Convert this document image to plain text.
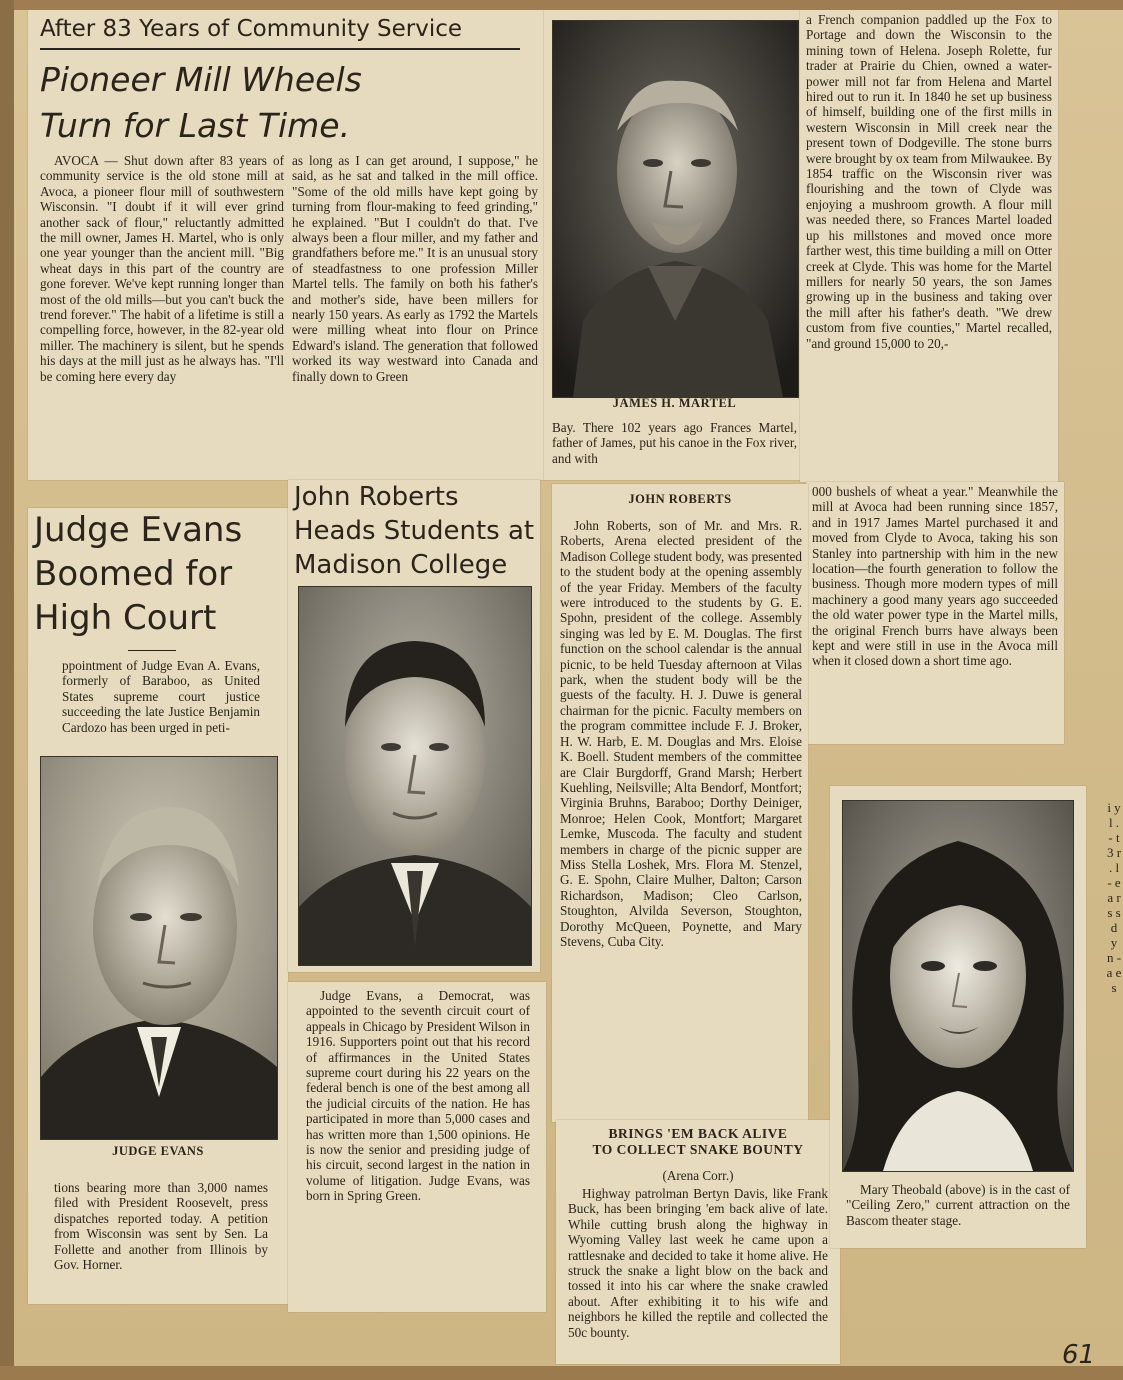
After 83 Years of Community Service
Pioneer Mill Wheels
Turn for Last Time.

AVOCA — Shut down after 83 years of community service is the old stone mill at Avoca, a pioneer flour mill of southwestern Wisconsin. "I doubt if it will ever grind another sack of flour," reluctantly admitted the mill owner, James H. Martel, who is only one year younger than the ancient mill. "Big wheat days in this part of the country are gone forever. We've kept running longer than most of the old mills—but you can't buck the trend forever." The habit of a lifetime is still a compelling force, however, in the 82-year old miller. The machinery is silent, but he spends his days at the mill just as he always has. "I'll be coming here every day

as long as I can get around, I suppose," he said, as he sat and talked in the mill office. "Some of the old mills have kept going by turning from flour-making to feed grinding," he explained. "But I couldn't do that. I've always been a flour miller, and my father and grandfathers before me." It is an unusual story of steadfastness to one profession Miller Martel tells. The family on both his father's and mother's side, have been millers for nearly 150 years. As early as 1792 the Martels were milling wheat into flour on Prince Edward's island. The generation that followed worked its way westward into Canada and finally down to Green

JAMES H. MARTEL

Bay. There 102 years ago Frances Martel, father of James, put his canoe in the Fox river, and with

a French companion paddled up the Fox to Portage and down the Wisconsin to the mining town of Helena. Joseph Rolette, fur trader at Prairie du Chien, owned a water-power mill not far from Helena and Martel hired out to run it. In 1840 he set up business of himself, building one of the first mills in western Wisconsin in Mill creek near the present town of Dodgeville. The stone burrs were brought by ox team from Milwaukee. By 1854 traffic on the Wisconsin river was flourishing and the town of Clyde was enjoying a mushroom growth. A flour mill was needed there, so Frances Martel loaded up his millstones and moved once more farther west, this time building a mill on Otter creek at Clyde. This was home for the Martel millers for nearly 50 years, the son James growing up in the business and taking over the mill after his father's death. "We drew custom from five counties," Martel recalled, "and ground 15,000 to 20,-

000 bushels of wheat a year." Meanwhile the mill at Avoca had been running since 1857, and in 1917 James Martel purchased it and moved from Clyde to Avoca, taking his son Stanley into partnership with him in the new location—the fourth generation to follow the business. Though more modern types of mill machinery a good many years ago succeeded the old water power type in the Martel mills, the original French burrs have always been kept and were still in use in the Avoca mill when it closed down a short time ago.

Judge Evans
Boomed for
High Court

ppointment of Judge Evan A. Evans, formerly of Baraboo, as United States supreme court justice succeeding the late Justice Benjamin Cardozo has been urged in peti-

JUDGE EVANS

tions bearing more than 3,000 names filed with President Roosevelt, press dispatches reported today. A petition from Wisconsin was sent by Sen. La Follette and another from Illinois by Gov. Horner.

John Roberts
Heads Students at
Madison College

Judge Evans, a Democrat, was appointed to the seventh circuit court of appeals in Chicago by President Wilson in 1916. Supporters point out that his record of affirmances in the United States supreme court during his 22 years on the federal bench is one of the best among all the judicial circuits of the nation. He has participated in more than 5,000 cases and has written more than 1,500 opinions. He is now the senior and presiding judge of his circuit, second largest in the nation in volume of litigation. Judge Evans, was born in Spring Green.

JOHN ROBERTS

John Roberts, son of Mr. and Mrs. R. Roberts, Arena elected president of the Madison College student body, was presented to the student body at the opening assembly of the year Friday. Members of the faculty were introduced to the students by G. E. Spohn, president of the college. Assembly singing was led by E. M. Douglas. The first function on the school calendar is the annual picnic, to be held Tuesday afternoon at Vilas park, when the student body will be the guests of the faculty. H. J. Duwe is general chairman for the picnic. Faculty members on the program committee include F. J. Broker, H. W. Harb, E. M. Douglas and Mrs. Eloise K. Boell. Student members of the committee are Clair Burgdorff, Grand Marsh; Herbert Kuehling, Neilsville; Alta Bendorf, Montfort; Virginia Bruhns, Baraboo; Dorthy Deiniger, Monroe; Helen Cook, Montfort; Margaret Lemke, Muscoda. The faculty and student members in charge of the picnic supper are Miss Stella Loshek, Mrs. Flora M. Stenzel, G. E. Spohn, Claire Mulher, Dalton; Carson Richardson, Madison; Cleo Carlson, Stoughton, Alvilda Severson, Stoughton, Dorothy McQueen, Poynette, and Mary Stevens, Cuba City.

BRINGS 'EM BACK ALIVE
TO COLLECT SNAKE BOUNTY
(Arena Corr.)

Highway patrolman Bertyn Davis, like Frank Buck, has been bringing 'em back alive of late. While cutting brush along the highway in Wyoming Valley last week he came upon a rattlesnake and decided to take it home alive. He struck the snake a light blow on the back and tossed it into his car where the snake crawled about. After exhibiting it to his wife and neighbors he killed the reptile and collected the 50c bounty.

Mary Theobald (above) is in the cast of "Ceiling Zero," current attraction on the Bascom theater stage.

i y l . - t 3 r . l - e a r s s d y n - a e s
61
